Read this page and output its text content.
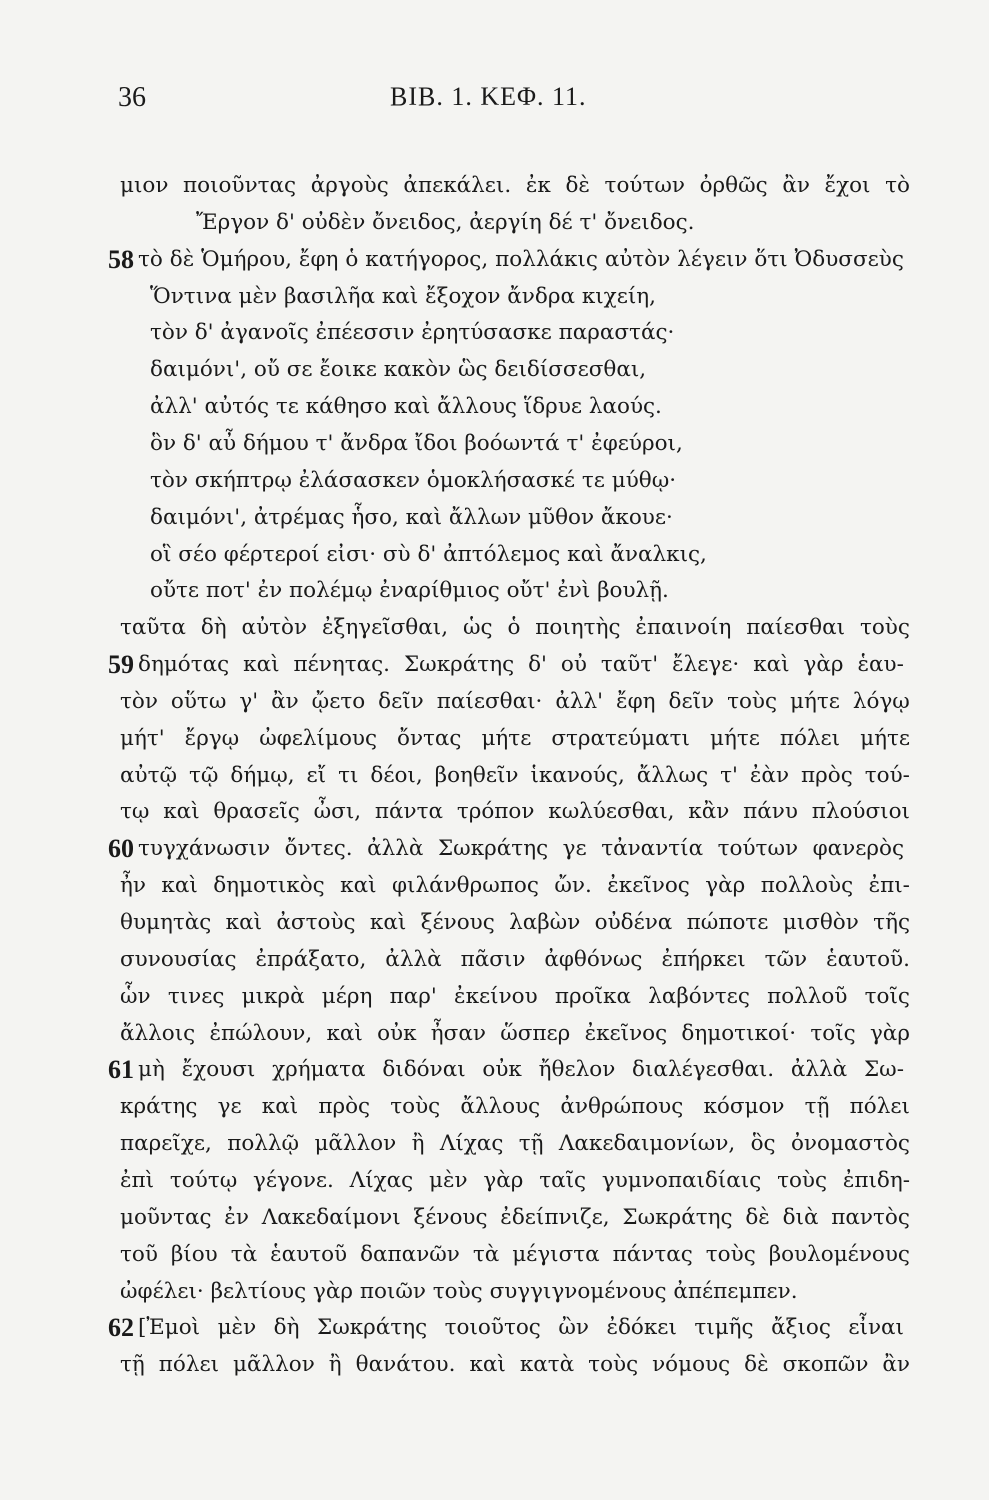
36	ΒΙΒ. 1. ΚΕΦ. 11.
μιον ποιοῦντας ἀργοὺς ἀπεκάλει. ἐκ δὲ τούτων ὀρθῶς ἂν ἔχοι τὸ
Ἔργον δ' οὐδὲν ὄνειδος, ἀεργίη δέ τ' ὄνειδος.
58 τὸ δὲ Ὁμήρου, ἔφη ὁ κατήγορος, πολλάκις αὐτὸν λέγειν ὅτι Ὀδυσσεὺς
Ὅντινα μὲν βασιλῆα καὶ ἔξοχον ἄνδρα κιχείη,
τὸν δ' ἀγανοῖς ἐπέεσσιν ἐρητύσασκε παραστάς·
δαιμόνι', οὔ σε ἔοικε κακὸν ὣς δειδίσσεσθαι,
ἀλλ' αὐτός τε κάθησο καὶ ἄλλους ἵδρυε λαούς.
ὃν δ' αὖ δήμου τ' ἄνδρα ἴδοι βοόωντά τ' ἐφεύροι,
τὸν σκήπτρῳ ἐλάσασκεν ὁμοκλήσασκέ τε μύθῳ·
δαιμόνι', ἀτρέμας ἧσο, καὶ ἄλλων μῦθον ἄκουε·
οἳ σέο φέρτεροί εἰσι· σὺ δ' ἀπτόλεμος καὶ ἄναλκις,
οὔτε ποτ' ἐν πολέμῳ ἐναρίθμιος οὔτ' ἐνὶ βουλῇ.
ταῦτα δὴ αὐτὸν ἐξηγεῖσθαι, ὡς ὁ ποιητὴς ἐπαινοίη παίεσθαι τοὺς
59 δημότας καὶ πένητας. Σωκράτης δ' οὐ ταῦτ' ἔλεγε· καὶ γὰρ ἑαυ-
τὸν οὕτω γ' ἂν ᾤετο δεῖν παίεσθαι· ἀλλ' ἔφη δεῖν τοὺς μήτε λόγῳ
μήτ' ἔργῳ ὠφελίμους ὄντας μήτε στρατεύματι μήτε πόλει μήτε
αὐτῷ τῷ δήμῳ, εἴ τι δέοι, βοηθεῖν ἱκανούς, ἄλλως τ' ἐὰν πρὸς τού-
τῳ καὶ θρασεῖς ὦσι, πάντα τρόπον κωλύεσθαι, κἂν πάνυ πλούσιοι
60 τυγχάνωσιν ὄντες. ἀλλὰ Σωκράτης γε τἀναντία τούτων φανερὸς
ἦν καὶ δημοτικὸς καὶ φιλάνθρωπος ὤν. ἐκεῖνος γὰρ πολλοὺς ἐπι-
θυμητὰς καὶ ἀστοὺς καὶ ξένους λαβὼν οὐδένα πώποτε μισθὸν τῆς
συνουσίας ἐπράξατο, ἀλλὰ πᾶσιν ἀφθόνως ἐπήρκει τῶν ἑαυτοῦ.
ὧν τινες μικρὰ μέρη παρ' ἐκείνου προῖκα λαβόντες πολλοῦ τοῖς
ἄλλοις ἐπώλουν, καὶ οὐκ ἦσαν ὥσπερ ἐκεῖνος δημοτικοί· τοῖς γὰρ
61 μὴ ἔχουσι χρήματα διδόναι οὐκ ἤθελον διαλέγεσθαι. ἀλλὰ Σω-
κράτης γε καὶ πρὸς τοὺς ἄλλους ἀνθρώπους κόσμον τῇ πόλει
παρεῖχε, πολλῷ μᾶλλον ἢ Λίχας τῇ Λακεδαιμονίων, ὃς ὀνομαστὸς
ἐπὶ τούτῳ γέγονε. Λίχας μὲν γὰρ ταῖς γυμνοπαιδίαις τοὺς ἐπιδη-
μοῦντας ἐν Λακεδαίμονι ξένους ἐδείπνιζε, Σωκράτης δὲ διὰ παντὸς
τοῦ βίου τὰ ἑαυτοῦ δαπανῶν τὰ μέγιστα πάντας τοὺς βουλομένους
ὠφέλει· βελτίους γὰρ ποιῶν τοὺς συγγιγνομένους ἀπέπεμπεν.
62 [Ἐμοὶ μὲν δὴ Σωκράτης τοιοῦτος ὢν ἐδόκει τιμῆς ἄξιος εἶναι
τῇ πόλει μᾶλλον ἢ θανάτου. καὶ κατὰ τοὺς νόμους δὲ σκοπῶν ἂν
